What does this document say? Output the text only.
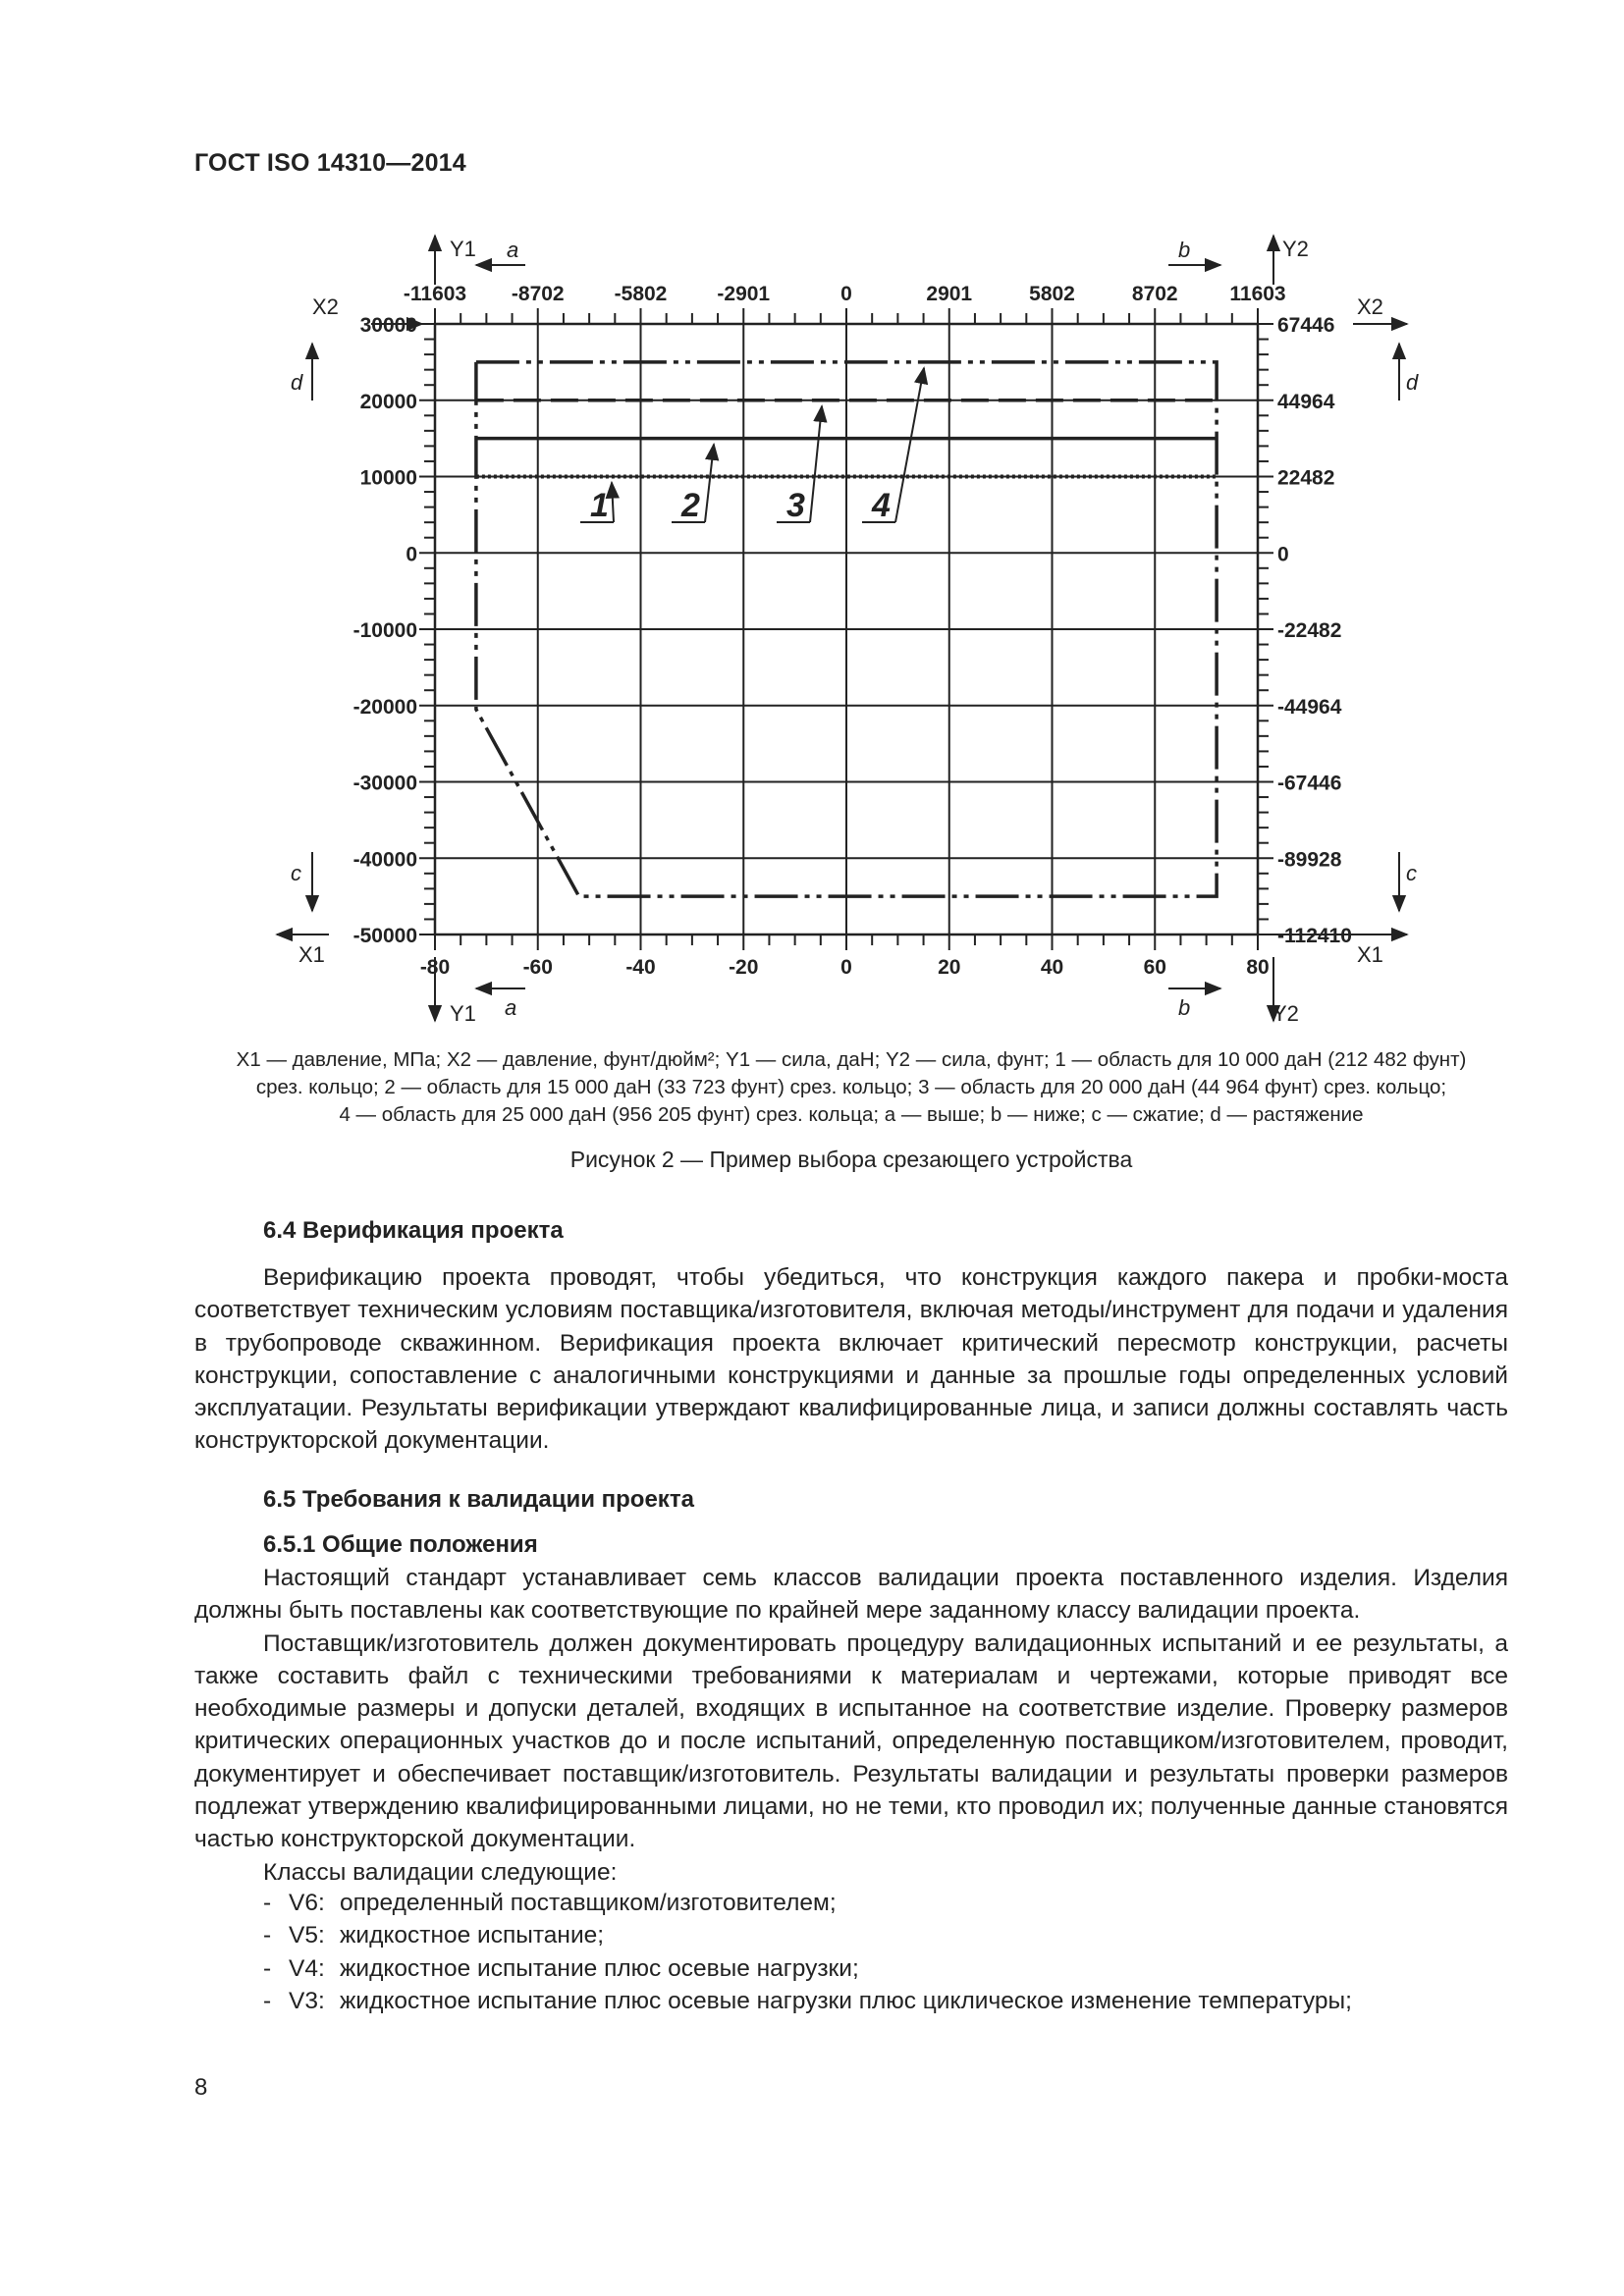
ГОСТ ISO 14310—2014
-80	-60	-40	-20	0	20	40	60	80
-11603 -8702 -5802 -2901	0	2901	5802	8702	11603
30000
20000
10000
0
-10000
-20000
-30000
-40000
-50000
67446
44964
22482
0
-22482
-44964
-67446
-89928
-112410
Y1	Y2
Y1	Y2
X2	X2
X1	X1
a	b
a	b
d	d
c	c
1 2	3 4

X1 — давление, МПа; X2 — давление, фунт/дюйм²; Y1 — сила, даН; Y2 — сила, фунт; 1 — область для 10 000 даН (212 482 фунт)

срез. кольцо; 2 — область для 15 000 даН (33 723 фунт) срез. кольцо; 3 — область для 20 000 даН (44 964 фунт) срез. кольцо;

4 — область для 25 000 даН (956 205 фунт) срез. кольца; a — выше; b — ниже; c — сжатие; d — растяжение

Рисунок 2 — Пример выбора срезающего устройства
6.4 Верификация проекта

Верификацию проекта проводят, чтобы убедиться, что конструкция каждого пакера и пробки-моста соответствует техническим условиям поставщика/изготовителя, включая методы/инструмент для подачи и удаления в трубопроводе скважинном. Верификация проекта включает критический пересмотр конструкции, расчеты конструкции, сопоставление с аналогичными конструкциями и данные за прошлые годы определенных условий эксплуатации. Результаты верификации утверждают квалифицированные лица, и записи должны составлять часть конструкторской документации.

6.5 Требования к валидации проекта
6.5.1 Общие положения

Настоящий стандарт устанавливает семь классов валидации проекта поставленного изделия. Изделия должны быть поставлены как соответствующие по крайней мере заданному классу валидации проекта.

Поставщик/изготовитель должен документировать процедуру валидационных испытаний и ее результаты, а также составить файл с техническими требованиями к материалам и чертежами, которые приводят все необходимые размеры и допуски деталей, входящих в испытанное на соответствие изделие. Проверку размеров критических операционных участков до и после испытаний, определенную поставщиком/изготовителем, проводит, документирует и обеспечивает поставщик/изготовитель. Результаты валидации и результаты проверки размеров подлежат утверждению квалифицированными лицами, но не теми, кто проводил их; полученные данные становятся частью конструкторской документации.

Классы валидации следующие:

- V6: определенный поставщиком/изготовителем;
- V5: жидкостное испытание;
- V4: жидкостное испытание плюс осевые нагрузки;
- V3: жидкостное испытание плюс осевые нагрузки плюс циклическое изменение температуры;
8
